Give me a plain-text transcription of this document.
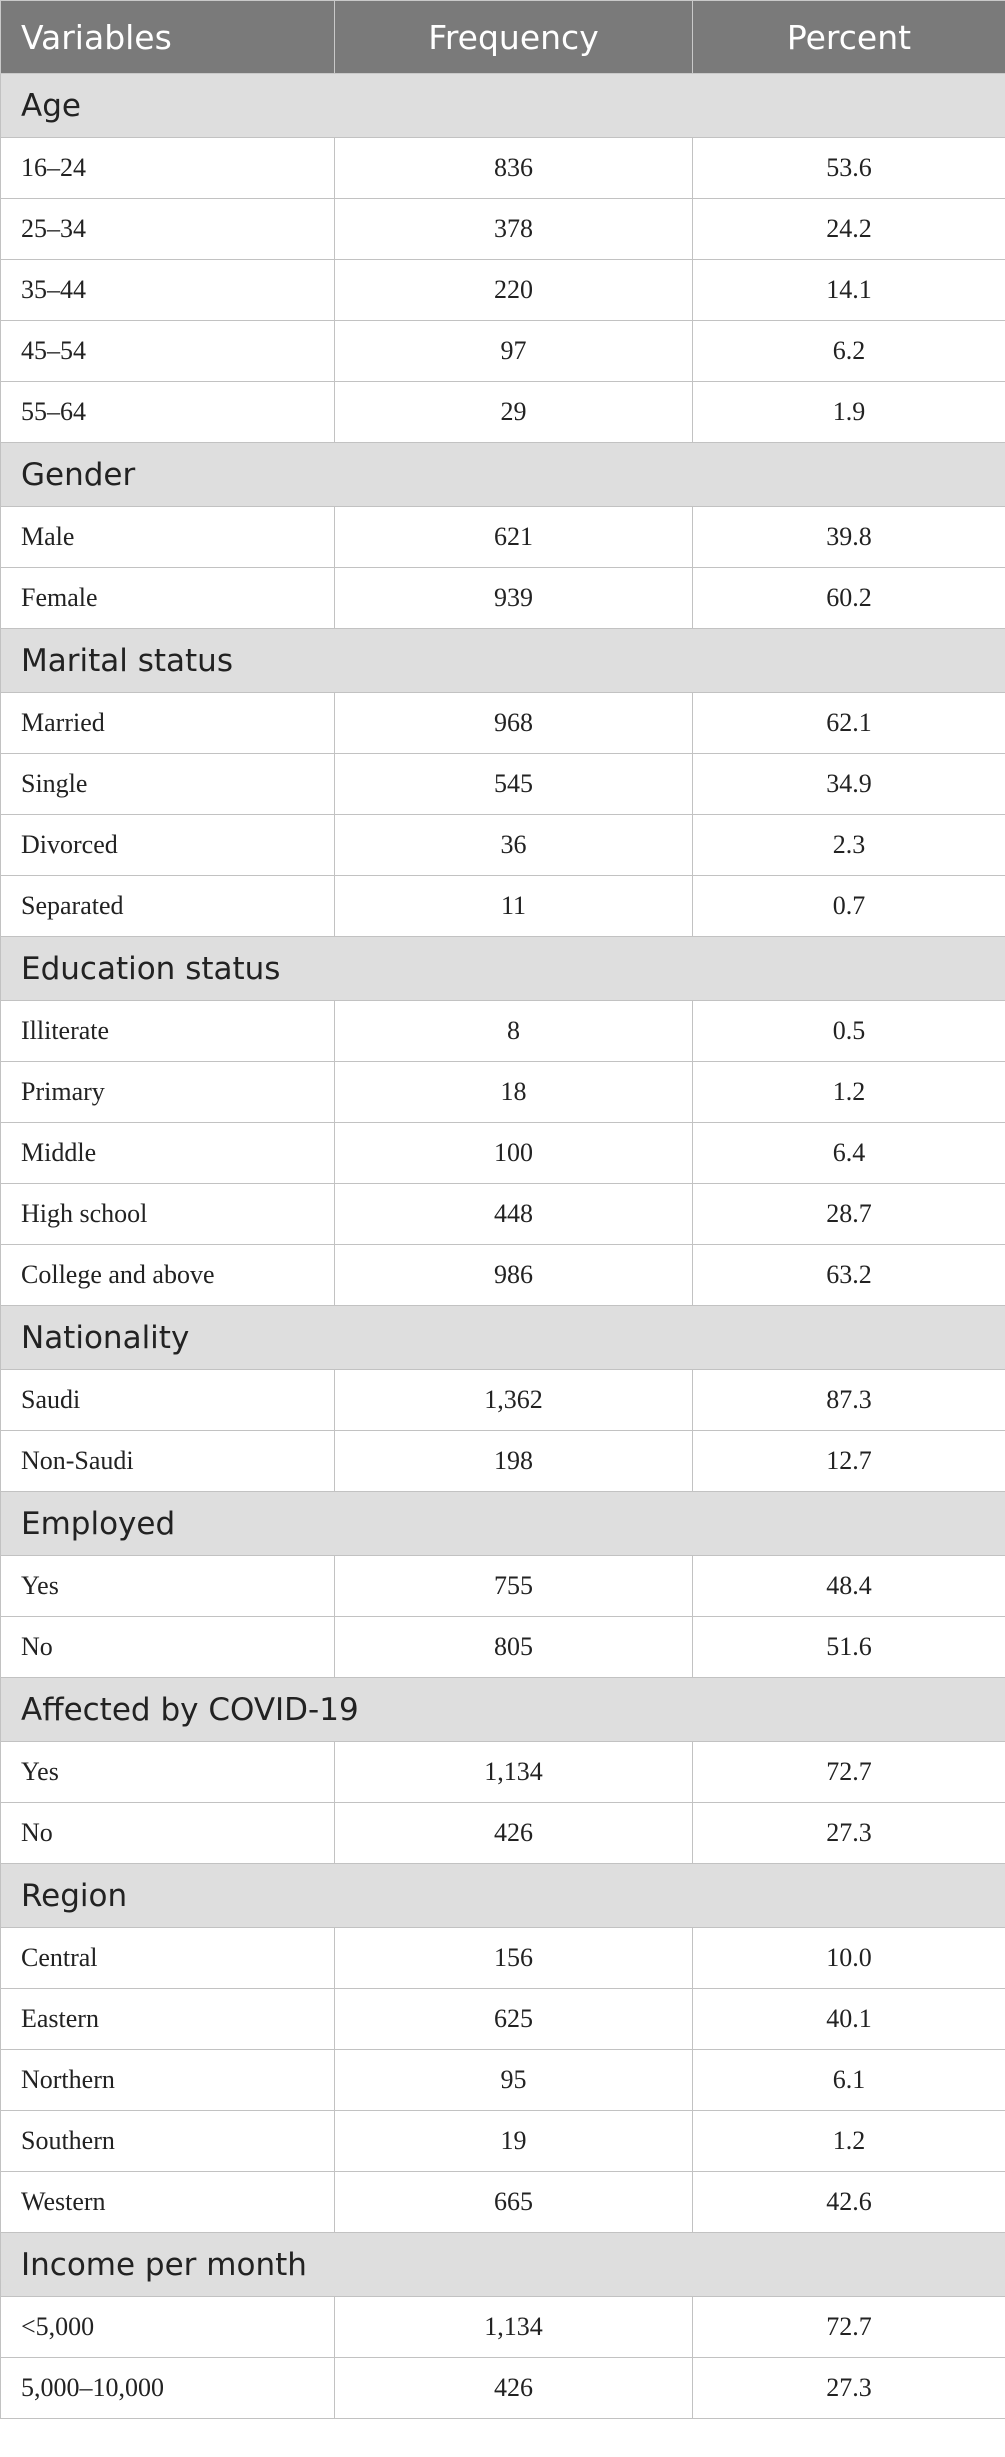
Variables	Frequency	Percent
Age		
16–24	836	53.6
25–34	378	24.2
35–44	220	14.1
45–54	97	6.2
55–64	29	1.9
Gender		
Male	621	39.8
Female	939	60.2
Marital status		
Married	968	62.1
Single	545	34.9
Divorced	36	2.3
Separated	11	0.7
Education status		
Illiterate	8	0.5
Primary	18	1.2
Middle	100	6.4
High school	448	28.7
College and above	986	63.2
Nationality		
Saudi	1,362	87.3
Non-Saudi	198	12.7
Employed		
Yes	755	48.4
No	805	51.6
Affected by COVID-19		
Yes	1,134	72.7
No	426	27.3
Region		
Central	156	10.0
Eastern	625	40.1
Northern	95	6.1
Southern	19	1.2
Western	665	42.6
Income per month		
<5,000	1,134	72.7
5,000–10,000	426	27.3
